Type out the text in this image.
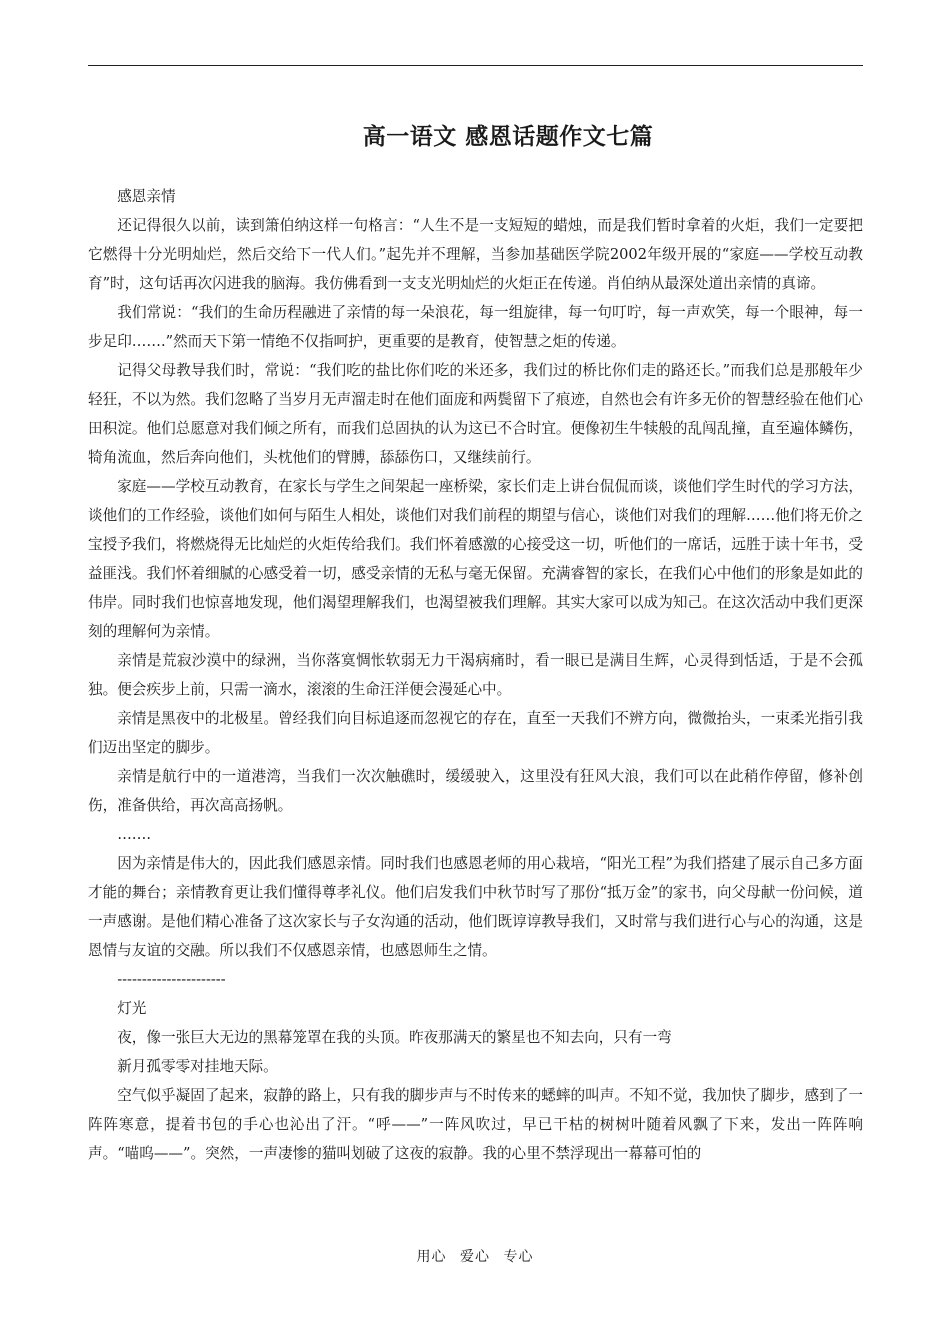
高一语文 感恩话题作文七篇

感恩亲情

还记得很久以前，读到箫伯纳这样一句格言：“人生不是一支短短的蜡烛，而是我们暂时拿着的火炬，我们一定要把它燃得十分光明灿烂，然后交给下一代人们。”起先并不理解，当参加基础医学院2002年级开展的“家庭——学校互动教育”时，这句话再次闪进我的脑海。我仿佛看到一支支光明灿烂的火炬正在传递。肖伯纳从最深处道出亲情的真谛。

我们常说：“我们的生命历程融进了亲情的每一朵浪花，每一组旋律，每一句叮咛，每一声欢笑，每一个眼神，每一步足印…….”然而天下第一情绝不仅指呵护，更重要的是教育，使智慧之炬的传递。

记得父母教导我们时，常说：“我们吃的盐比你们吃的米还多，我们过的桥比你们走的路还长。”而我们总是那般年少轻狂，不以为然。我们忽略了当岁月无声溜走时在他们面庞和两鬓留下了痕迹，自然也会有许多无价的智慧经验在他们心田积淀。他们总愿意对我们倾之所有，而我们总固执的认为这已不合时宜。便像初生牛犊般的乱闯乱撞，直至遍体鳞伤，犄角流血，然后奔向他们，头枕他们的臂膊，舔舔伤口，又继续前行。

家庭——学校互动教育，在家长与学生之间架起一座桥梁，家长们走上讲台侃侃而谈，谈他们学生时代的学习方法，谈他们的工作经验，谈他们如何与陌生人相处，谈他们对我们前程的期望与信心，谈他们对我们的理解……他们将无价之宝授予我们，将燃烧得无比灿烂的火炬传给我们。我们怀着感激的心接受这一切，听他们的一席话，远胜于读十年书，受益匪浅。我们怀着细腻的心感受着一切，感受亲情的无私与毫无保留。充满睿智的家长，在我们心中他们的形象是如此的伟岸。同时我们也惊喜地发现，他们渴望理解我们，也渴望被我们理解。其实大家可以成为知己。在这次活动中我们更深刻的理解何为亲情。

亲情是荒寂沙漠中的绿洲，当你落寞惆怅软弱无力干渴病痛时，看一眼已是满目生辉，心灵得到恬适，于是不会孤独。便会疾步上前，只需一滴水，滚滚的生命汪洋便会漫延心中。

亲情是黑夜中的北极星。曾经我们向目标追逐而忽视它的存在，直至一天我们不辨方向，微微抬头，一束柔光指引我们迈出坚定的脚步。

亲情是航行中的一道港湾，当我们一次次触礁时，缓缓驶入，这里没有狂风大浪，我们可以在此稍作停留，修补创伤，准备供给，再次高高扬帆。

…….

因为亲情是伟大的，因此我们感恩亲情。同时我们也感恩老师的用心栽培，“阳光工程”为我们搭建了展示自己多方面才能的舞台；亲情教育更让我们懂得尊孝礼仪。他们启发我们中秋节时写了那份“抵万金”的家书，向父母献一份问候，道一声感谢。是他们精心准备了这次家长与子女沟通的活动，他们既谆谆教导我们，又时常与我们进行心与心的沟通，这是恩情与友谊的交融。所以我们不仅感恩亲情，也感恩师生之情。

----------------------

灯光

夜，像一张巨大无边的黑幕笼罩在我的头顶。昨夜那满天的繁星也不知去向，只有一弯

新月孤零零对挂地天际。

空气似乎凝固了起来，寂静的路上，只有我的脚步声与不时传来的蟋蟀的叫声。不知不觉，我加快了脚步，感到了一阵阵寒意，提着书包的手心也沁出了汗。“呼——”一阵风吹过，早已干枯的树树叶随着风飘了下来，发出一阵阵响声。“喵呜——”。突然，一声凄惨的猫叫划破了这夜的寂静。我的心里不禁浮现出一幕幕可怕的

用心 爱心 专心
